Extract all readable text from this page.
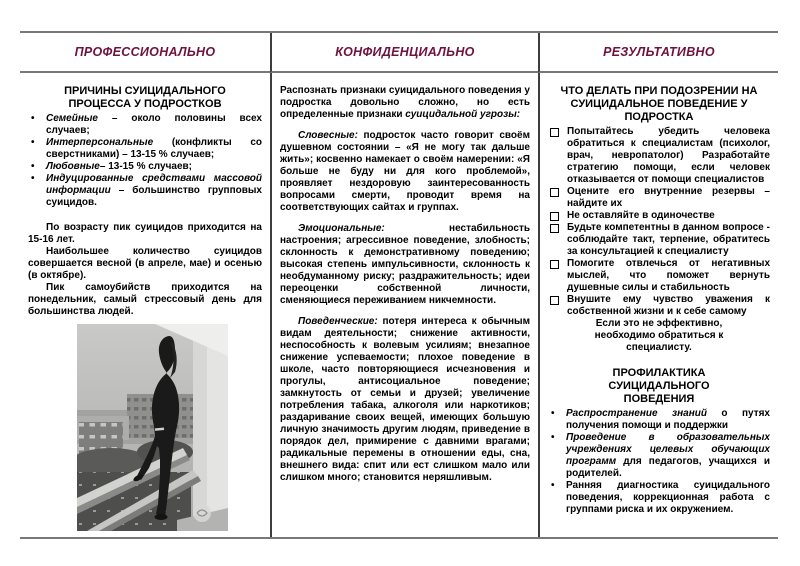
ПРОФЕССИОНАЛЬНО	КОНФИДЕНЦИАЛЬНО	РЕЗУЛЬТАТИВНО
ПРИЧИНЫ СУИЦИДАЛЬНОГО ПРОЦЕССА У ПОДРОСТКОВ
•	Семейные – около половины всех случаев;
•	Интерперсональные (конфликты со сверстниками) – 13-15 % случаев;
•	Любовные– 13-15 % случаев;
•	Индуцированные средствами массовой информации – большинство групповых суицидов.

По возрасту пик суицидов приходится на 15-16 лет.

Наибольшее количество суицидов совершается весной (в апреле, мае) и осенью (в октябре).

Пик самоубийств приходится на понедельник, самый стрессовый день для большинства людей.

Распознать признаки суицидального поведения у подростка довольно сложно, но есть определенные признаки суицидальной угрозы:

Словесные: подросток часто говорит своём душевном состоянии – «Я не могу так дальше жить»; косвенно намекает о своём намерении: «Я больше не буду ни для кого проблемой», проявляет нездоровую заинтересованность вопросами смерти, проводит время на соответствующих сайтах и группах.

Эмоциональные: нестабильность настроения; агрессивное поведение, злобность; склонность к демонстративному поведению; высокая степень импульсивности, склонность к необдуманному риску; раздражительность; идеи переоценки собственной личности, сменяющиеся переживанием никчемности.

Поведенческие: потеря интереса к обычным видам деятельности; снижение активности, неспособность к волевым усилиям; внезапное снижение успеваемости; плохое поведение в школе, часто повторяющиеся исчезновения и прогулы, антисоциальное поведение; замкнутость от семьи и друзей; увеличение потребления табака, алкоголя или наркотиков; раздаривание своих вещей, имеющих большую личную значимость другим людям, приведение в порядок дел, примирение с давними врагами; радикальные перемены в отношении еды, сна, внешнего вида: спит или ест слишком мало или слишком много; становится неряшливым.

ЧТО ДЕЛАТЬ ПРИ ПОДОЗРЕНИИ НА СУИЦИДАЛЬНОЕ ПОВЕДЕНИЕ У ПОДРОСТКА
Попытайтесь убедить человека обратиться к специалистам (психолог, врач, невропатолог) Разработайте стратегию помощи, если человек отказывается от помощи специалистов
Оцените его внутренние резервы – найдите их
Не оставляйте в одиночестве
Будьте компетентны в данном вопросе - соблюдайте такт, терпение, обратитесь за консультацией к специалисту
Помогите отвлечься от негативных мыслей, что поможет вернуть душевные силы и стабильность
Внушите ему чувство уважения к собственной жизни и к себе самому

Если это не эффективно, необходимо обратиться к специалисту.

ПРОФИЛАКТИКА СУИЦИДАЛЬНОГО ПОВЕДЕНИЯ
•	Распространение знаний о путях получения помощи и поддержки
•	Проведение в образовательных учреждениях целевых обучающих программ для педагогов, учащихся и родителей.
•	Ранняя диагностика суицидального поведения, коррекционная работа с группами риска и их окружением.
